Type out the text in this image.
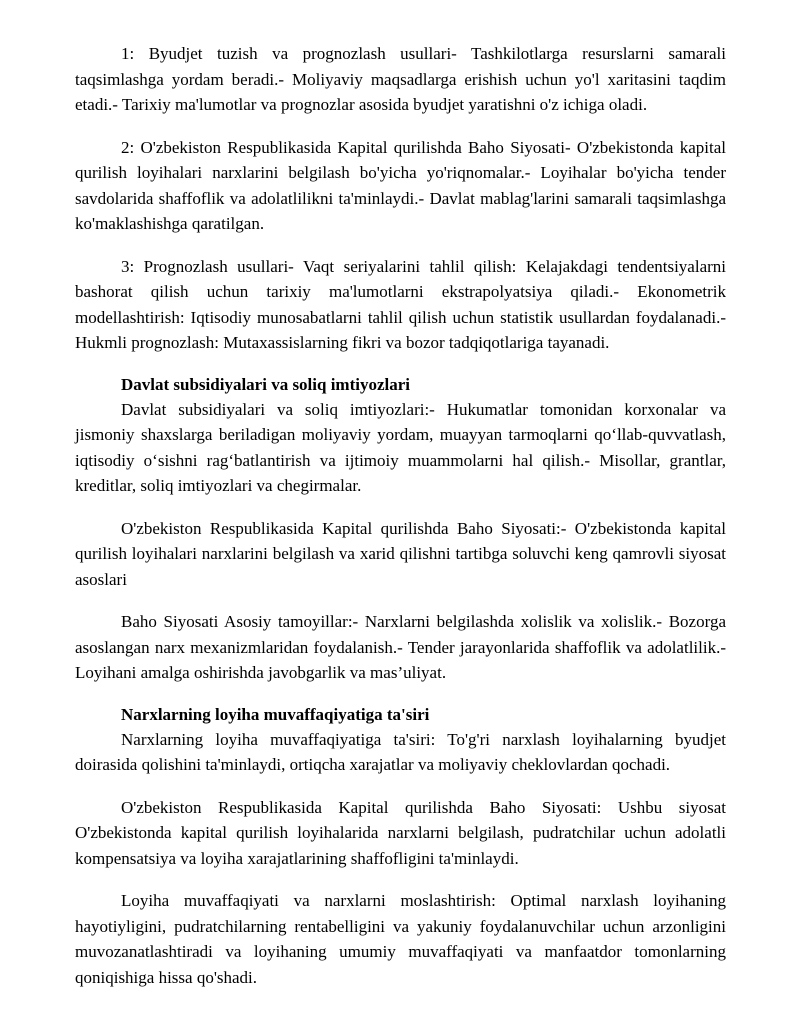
1: Byudjet tuzish va prognozlash usullari- Tashkilotlarga resurslarni samarali taqsimlashga yordam beradi.- Moliyaviy maqsadlarga erishish uchun yo'l xaritasini taqdim etadi.- Tarixiy ma'lumotlar va prognozlar asosida byudjet yaratishni o'z ichiga oladi.

2: O'zbekiston Respublikasida Kapital qurilishda Baho Siyosati- O'zbekistonda kapital qurilish loyihalari narxlarini belgilash bo'yicha yo'riqnomalar.- Loyihalar bo'yicha tender savdolarida shaffoflik va adolatlilikni ta'minlaydi.- Davlat mablag'larini samarali taqsimlashga ko'maklashishga qaratilgan.

3: Prognozlash usullari- Vaqt seriyalarini tahlil qilish: Kelajakdagi tendentsiyalarni bashorat qilish uchun tarixiy ma'lumotlarni ekstrapolyatsiya qiladi.- Ekonometrik modellashtirish: Iqtisodiy munosabatlarni tahlil qilish uchun statistik usullardan foydalanadi.- Hukmli prognozlash: Mutaxassislarning fikri va bozor tadqiqotlariga tayanadi.

Davlat subsidiyalari va soliq imtiyozlari

Davlat subsidiyalari va soliq imtiyozlari:- Hukumatlar tomonidan korxonalar va jismoniy shaxslarga beriladigan moliyaviy yordam, muayyan tarmoqlarni qo‘llab-quvvatlash, iqtisodiy o‘sishni rag‘batlantirish va ijtimoiy muammolarni hal qilish.- Misollar, grantlar, kreditlar, soliq imtiyozlari va chegirmalar.

O'zbekiston Respublikasida Kapital qurilishda Baho Siyosati:- O'zbekistonda kapital qurilish loyihalari narxlarini belgilash va xarid qilishni tartibga soluvchi keng qamrovli siyosat asoslari

Baho Siyosati Asosiy tamoyillar:- Narxlarni belgilashda xolislik va xolislik.- Bozorga asoslangan narx mexanizmlaridan foydalanish.- Tender jarayonlarida shaffoflik va adolatlilik.- Loyihani amalga oshirishda javobgarlik va mas’uliyat.

Narxlarning loyiha muvaffaqiyatiga ta'siri

Narxlarning loyiha muvaffaqiyatiga ta'siri: To'g'ri narxlash loyihalarning byudjet doirasida qolishini ta'minlaydi, ortiqcha xarajatlar va moliyaviy cheklovlardan qochadi.

O'zbekiston Respublikasida Kapital qurilishda Baho Siyosati: Ushbu siyosat O'zbekistonda kapital qurilish loyihalarida narxlarni belgilash, pudratchilar uchun adolatli kompensatsiya va loyiha xarajatlarining shaffofligini ta'minlaydi.

Loyiha muvaffaqiyati va narxlarni moslashtirish: Optimal narxlash loyihaning hayotiyligini, pudratchilarning rentabelligini va yakuniy foydalanuvchilar uchun arzonligini muvozanatlashtiradi va loyihaning umumiy muvaffaqiyati va manfaatdor tomonlarning qoniqishiga hissa qo'shadi.
